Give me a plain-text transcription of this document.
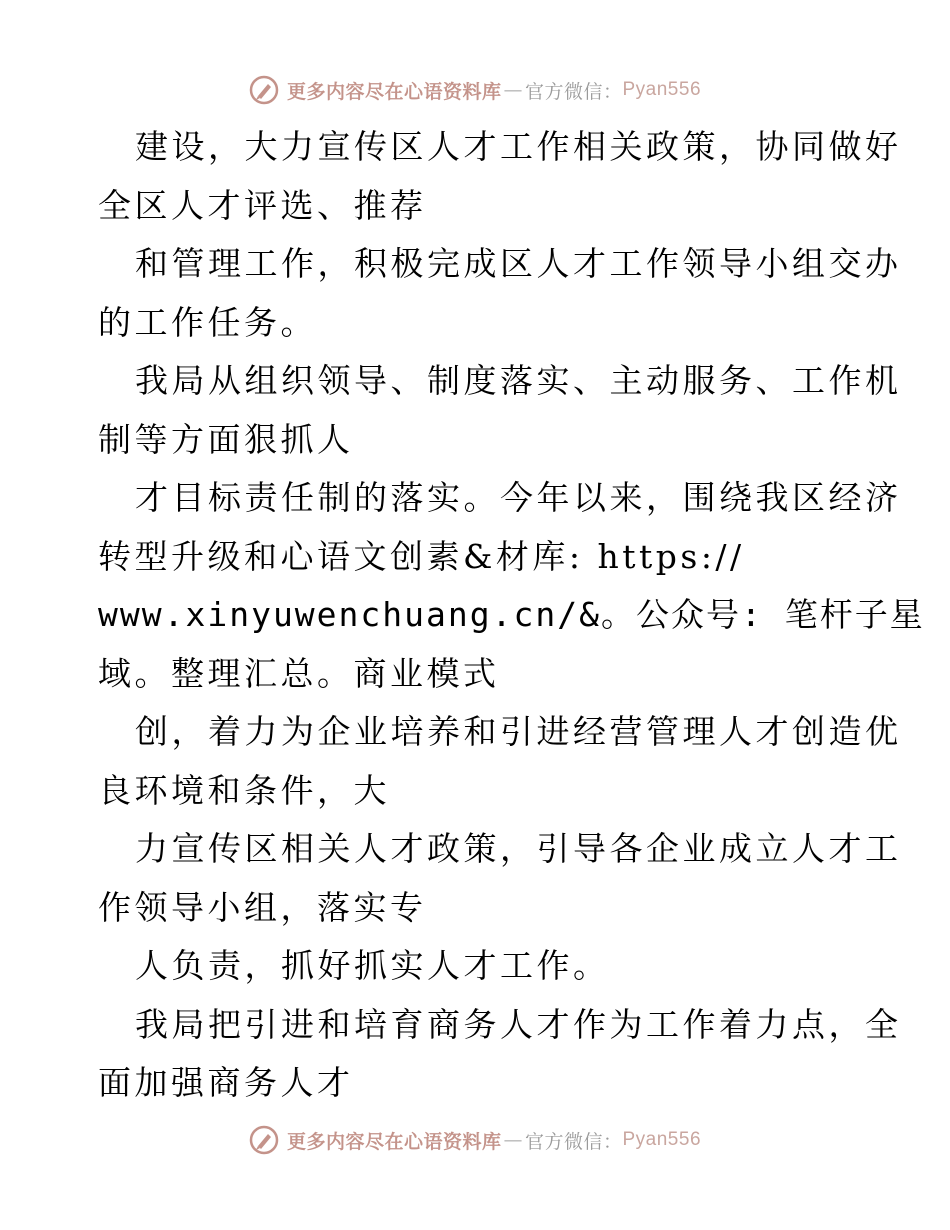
更多内容尽在心语资料库 — 官方微信： Pyan556
建设，大力宣传区人才工作相关政策，协同做好
全区人才评选、推荐
和管理工作，积极完成区人才工作领导小组交办
的工作任务。
我局从组织领导、制度落实、主动服务、工作机
制等方面狠抓人
才目标责任制的落实。今年以来，围绕我区经济
转型升级和心语文创素&材库: https://
www.xinyuwenchuang.cn/&。公众号: 笔杆子星
域。整理汇总。商业模式
创，着力为企业培养和引进经营管理人才创造优
良环境和条件，大
力宣传区相关人才政策，引导各企业成立人才工
作领导小组，落实专
人负责，抓好抓实人才工作。
我局把引进和培育商务人才作为工作着力点，全
面加强商务人才
更多内容尽在心语资料库 — 官方微信： Pyan556
